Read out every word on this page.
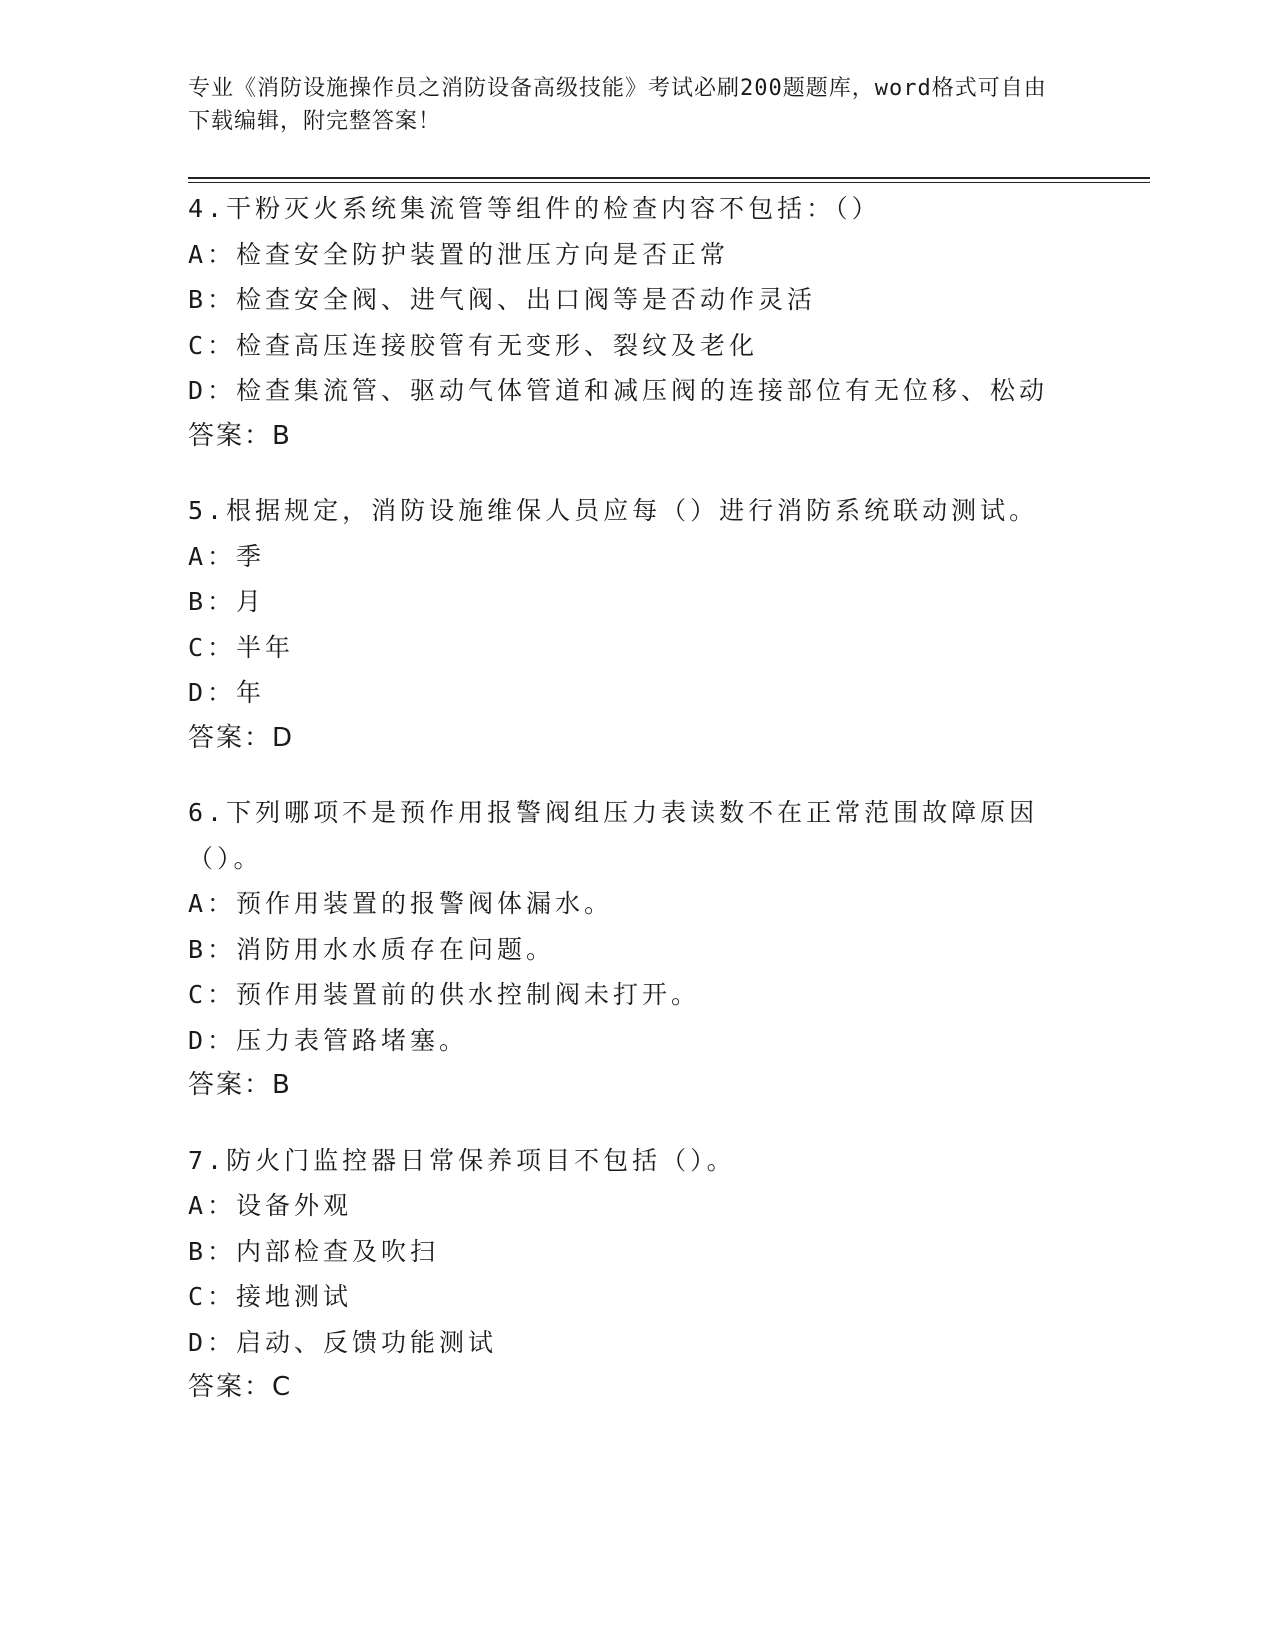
专业《消防设施操作员之消防设备高级技能》考试必刷200题题库，word格式可自由下载编辑，附完整答案！
4.干粉灭火系统集流管等组件的检查内容不包括：（）
A：检查安全防护装置的泄压方向是否正常
B：检查安全阀、进气阀、出口阀等是否动作灵活
C：检查高压连接胶管有无变形、裂纹及老化
D：检查集流管、驱动气体管道和减压阀的连接部位有无位移、松动
答案：B
5.根据规定，消防设施维保人员应每（）进行消防系统联动测试。
A：季
B：月
C：半年
D：年
答案：D
6.下列哪项不是预作用报警阀组压力表读数不在正常范围故障原因（）。
A：预作用装置的报警阀体漏水。
B：消防用水水质存在问题。
C：预作用装置前的供水控制阀未打开。
D：压力表管路堵塞。
答案：B
7.防火门监控器日常保养项目不包括（）。
A：设备外观
B：内部检查及吹扫
C：接地测试
D：启动、反馈功能测试
答案：C
